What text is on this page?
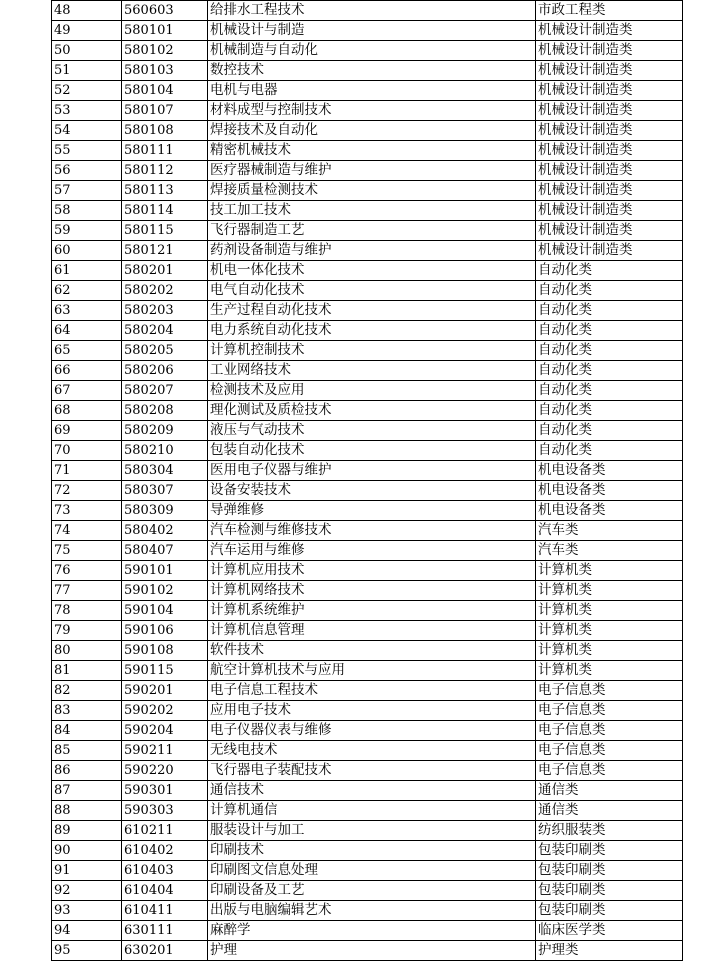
48	560603	给排水工程技术	市政工程类
49	580101	机械设计与制造	机械设计制造类
50	580102	机械制造与自动化	机械设计制造类
51	580103	数控技术	机械设计制造类
52	580104	电机与电器	机械设计制造类
53	580107	材料成型与控制技术	机械设计制造类
54	580108	焊接技术及自动化	机械设计制造类
55	580111	精密机械技术	机械设计制造类
56	580112	医疗器械制造与维护	机械设计制造类
57	580113	焊接质量检测技术	机械设计制造类
58	580114	技工加工技术	机械设计制造类
59	580115	飞行器制造工艺	机械设计制造类
60	580121	药剂设备制造与维护	机械设计制造类
61	580201	机电一体化技术	自动化类
62	580202	电气自动化技术	自动化类
63	580203	生产过程自动化技术	自动化类
64	580204	电力系统自动化技术	自动化类
65	580205	计算机控制技术	自动化类
66	580206	工业网络技术	自动化类
67	580207	检测技术及应用	自动化类
68	580208	理化测试及质检技术	自动化类
69	580209	液压与气动技术	自动化类
70	580210	包装自动化技术	自动化类
71	580304	医用电子仪器与维护	机电设备类
72	580307	设备安装技术	机电设备类
73	580309	导弹维修	机电设备类
74	580402	汽车检测与维修技术	汽车类
75	580407	汽车运用与维修	汽车类
76	590101	计算机应用技术	计算机类
77	590102	计算机网络技术	计算机类
78	590104	计算机系统维护	计算机类
79	590106	计算机信息管理	计算机类
80	590108	软件技术	计算机类
81	590115	航空计算机技术与应用	计算机类
82	590201	电子信息工程技术	电子信息类
83	590202	应用电子技术	电子信息类
84	590204	电子仪器仪表与维修	电子信息类
85	590211	无线电技术	电子信息类
86	590220	飞行器电子装配技术	电子信息类
87	590301	通信技术	通信类
88	590303	计算机通信	通信类
89	610211	服装设计与加工	纺织服装类
90	610402	印刷技术	包装印刷类
91	610403	印刷图文信息处理	包装印刷类
92	610404	印刷设备及工艺	包装印刷类
93	610411	出版与电脑编辑艺术	包装印刷类
94	630111	麻醉学	临床医学类
95	630201	护理	护理类
